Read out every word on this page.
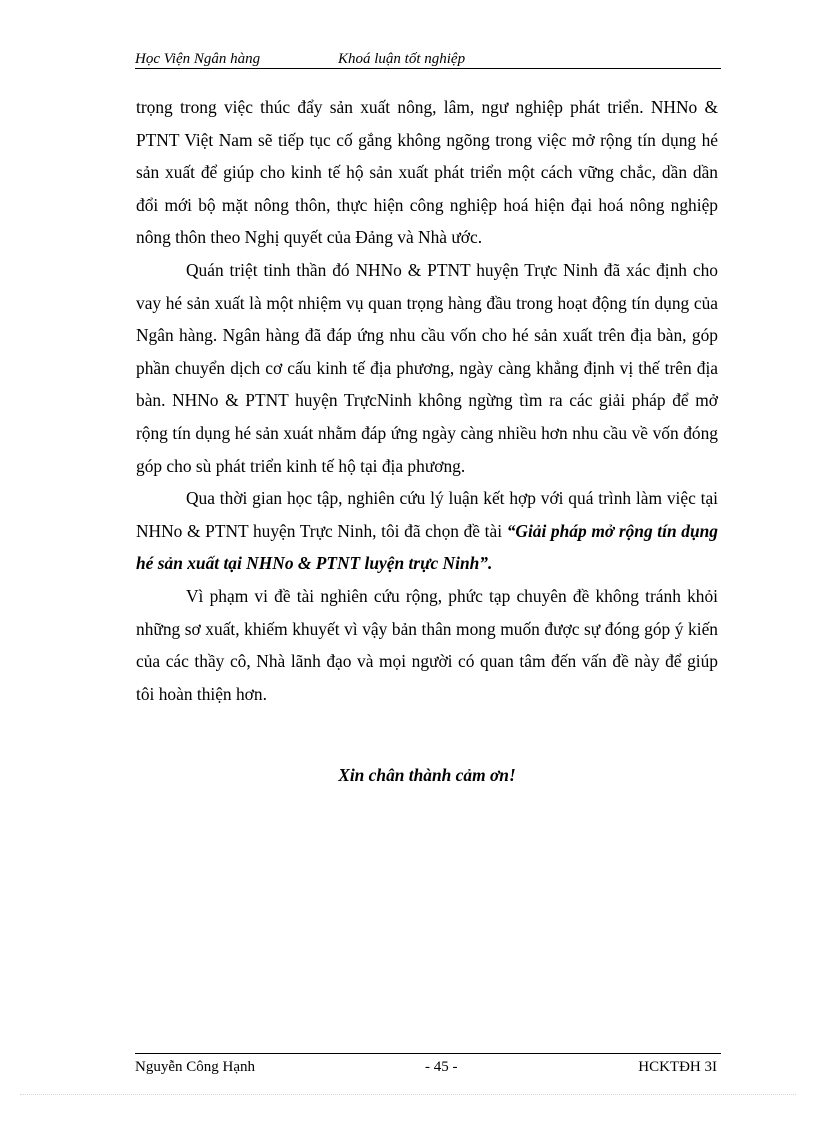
Học Viện Ngân hàng	Khoá luận tốt nghiệp

trọng trong việc thúc đẩy sản xuất nông, lâm, ngư nghiệp phát triển. NHNo & PTNT Việt Nam sẽ tiếp tục cố gắng không ngõng trong việc mở rộng tín dụng hé sản xuất để giúp cho kinh tế hộ sản xuất phát triển một cách vững chắc, dần dần đổi mới bộ mặt nông thôn, thực hiện công nghiệp hoá hiện đại hoá nông nghiệp nông thôn theo Nghị quyết của Đảng và Nhà ước.

Quán triệt tinh thần đó NHNo & PTNT huyện Trực Ninh đã xác định cho vay hé sản xuất là một nhiệm vụ quan trọng hàng đầu trong hoạt động tín dụng của Ngân hàng. Ngân hàng đã đáp ứng nhu cầu vốn cho hé sản xuất trên địa bàn, góp phần chuyển dịch cơ cấu kinh tế địa phương, ngày càng khẳng định vị thế trên địa bàn. NHNo & PTNT huyện TrựcNinh không ngừng tìm ra các giải pháp để mở rộng tín dụng hé sản xuát nhằm đáp ứng ngày càng nhiều hơn nhu cầu về vốn đóng góp cho sù phát triển kinh tế hộ tại địa phương.

Qua thời gian học tập, nghiên cứu lý luận kết hợp với quá trình làm việc tại NHNo & PTNT huyện Trực Ninh, tôi đã chọn đề tài “Giải pháp mở rộng tín dụng hé sản xuất tại NHNo & PTNT luyện trực Ninh”.

Vì phạm vi đề tài nghiên cứu rộng, phức tạp chuyên đề không tránh khỏi những sơ xuất, khiếm khuyết vì vậy bản thân mong muốn được sự đóng góp ý kiến của các thầy cô, Nhà lãnh đạo và mọi người có quan tâm đến vấn đề này để giúp tôi hoàn thiện hơn.

Xin chân thành cảm ơn!
Nguyễn Công Hạnh	- 45 -	HCKTĐH 3I
